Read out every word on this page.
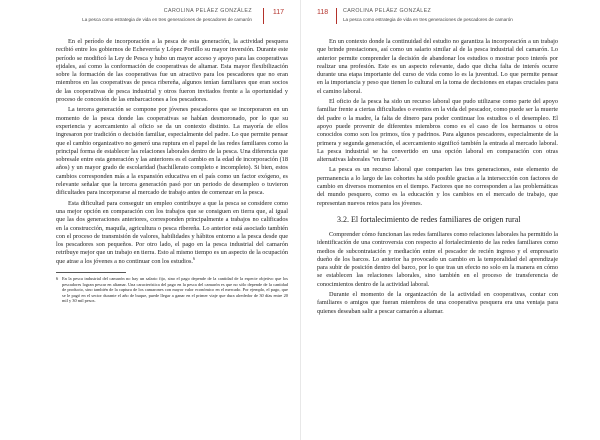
CAROLINA PELÁEZ GONZÁLEZ
La pesca como estrategia de vida en tres generaciones de pescadores de camarón
117

En el período de incorporación a la pesca de esta generación, la actividad pesquera recibió entre los gobiernos de Echeverría y López Portillo su mayor inversión. Durante este período se modificó la Ley de Pesca y hubo un mayor acceso y apoyo para las cooperativas ejidales, así como la conformación de cooperativas de altamar. Esta mayor flexibilización sobre la formación de las cooperativas fue un atractivo para los pescadores que no eran miembros en las cooperativas de pesca ribereña, algunos tenían familiares que eran socios de las cooperativas de pesca industrial y otros fueron invitados frente a la oportunidad y proceso de concesión de las embarcaciones a los pescadores.

La tercera generación se compone por jóvenes pescadores que se incorporaron en un momento de la pesca donde las cooperativas se habían desmoronado, por lo que su experiencia y acercamiento al oficio se da un contexto distinto. La mayoría de ellos ingresaron por tradición o decisión familiar, especialmente del padre. Lo que permite pensar que el cambio organizativo no generó una ruptura en el papel de las redes familiares como la principal forma de establecer las relaciones laborales dentro de la pesca. Una diferencia que sobresale entre esta generación y las anteriores es el cambio en la edad de incorporación (18 años) y un mayor grado de escolaridad (bachillerato completo e incompleto). Si bien, estos cambios corresponden más a la expansión educativa en el país como un factor exógeno, es relevante señalar que la tercera generación pasó por un periodo de desempleo o tuvieron dificultades para incorporarse al mercado de trabajo antes de comenzar en la pesca.

Esta dificultad para conseguir un empleo contribuye a que la pesca se considere como una mejor opción en comparación con los trabajos que se consiguen en tierra que, al igual que las dos generaciones anteriores, corresponden principalmente a trabajos no calificados en la construcción, maquila, agricultura o pesca ribereña. Lo anterior está asociado también con el proceso de transmisión de valores, habilidades y hábitos entorno a la pesca desde que los pescadores son pequeños. Por otro lado, el pago en la pesca industrial del camarón retribuye mejor que un trabajo en tierra. Esto al mismo tiempo es un aspecto de la ocupación que atrae a los jóvenes a no continuar con los estudios.$^6$

6 En la pesca industrial del camarón no hay un salario fijo, sino el pago depende de la cantidad de la especie objetivo que los pescadores logran pescar en altamar. Una característica del pago en la pesca del camarón es que no sólo depende de la cantidad de producto, sino también de la captura de los camarones con mayor valor económico en el mercado. Por ejemplo, el pago, que se le pagó en el sector durante el año de buque, puede llegar a ganar en el primer viaje que dura alrededor de 30 días entre 20 mil y 30 mil pesos.
118	CAROLINA PELÁEZ GONZÁLEZ
La pesca como estrategia de vida en tres generaciones de pescadores de camarón

En un contexto donde la continuidad del estudio no garantiza la incorporación a un trabajo que brinde prestaciones, así como un salario similar al de la pesca industrial del camarón. Lo anterior permite comprender la decisión de abandonar los estudios o mostrar poco interés por realizar una profesión. Este es un aspecto relevante, dado que dicha falta de interés ocurre durante una etapa importante del curso de vida como lo es la juventud. Lo que permite pensar en la importancia y peso que tienen lo cultural en la toma de decisiones en etapas cruciales para el camino laboral.

El oficio de la pesca ha sido un recurso laboral que pudo utilizarse como parte del apoyo familiar frente a ciertas dificultades o eventos en la vida del pescador, como puede ser la muerte del padre o la madre, la falta de dinero para poder continuar los estudios o el desempleo. El apoyo puede provenir de diferentes miembros como es el caso de los hermanos u otros conocidos como son los primos, tíos y padrinos. Para algunos pescadores, especialmente de la primera y segunda generación, el acercamiento significó también la entrada al mercado laboral. La pesca industrial se ha convertido en una opción laboral en comparación con otras alternativas laborales "en tierra".

La pesca es un recurso laboral que comparten las tres generaciones, este elemento de permanencia a lo largo de las cohortes ha sido posible gracias a la intersección con factores de cambio en diversos momentos en el tiempo. Factores que no corresponden a las problemáticas del mundo pesquero, como es la educación y los cambios en el mercado de trabajo, que representan nuevos retos para los jóvenes.

3.2. El fortalecimiento de redes familiares de origen rural

Comprender cómo funcionan las redes familiares como relaciones laborales ha permitido la identificación de una controversia con respecto al fortalecimiento de las redes familiares como medios de subcontratación y mediación entre el pescador de recién ingreso y el empresario dueño de los barcos. Lo anterior ha provocado un cambio en la temporalidad del aprendizaje para subir de posición dentro del barco, por lo que tras un efecto no solo en la manera en cómo se establecen las relaciones laborales, sino también en el proceso de transferencia de conocimientos dentro de la actividad laboral.

Durante el momento de la organización de la actividad en cooperativas, contar con familiares o amigos que fueran miembros de una cooperativa pesquera era una ventaja para quienes deseaban salir a pescar camarón a altamar.
